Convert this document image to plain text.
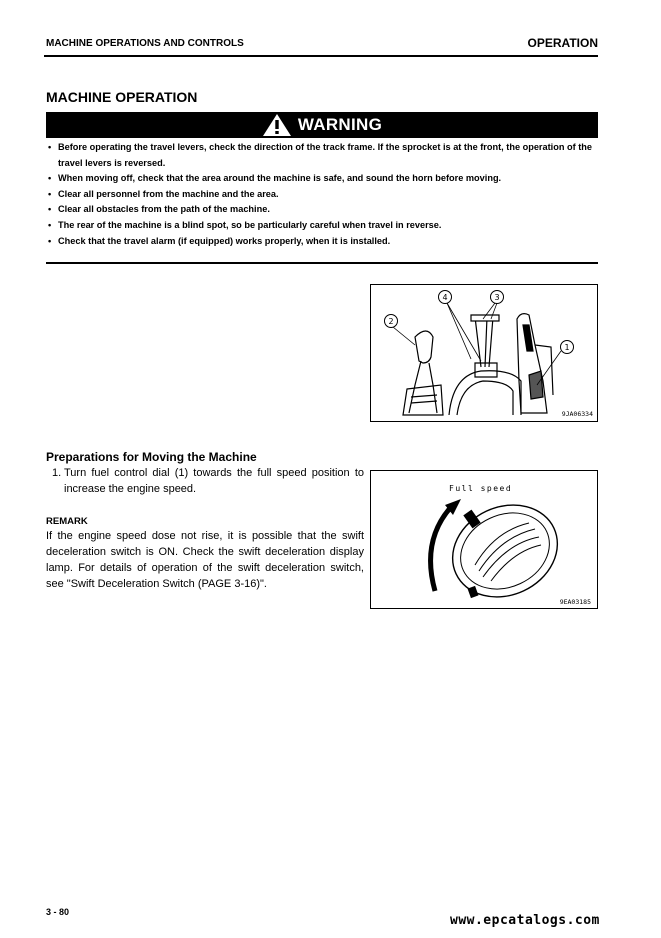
MACHINE OPERATIONS AND CONTROLS	OPERATION
MACHINE OPERATION
WARNING
• Before operating the travel levers, check the direction of the track frame. If the sprocket is at the front, the operation of the travel levers is reversed.
• When moving off, check that the area around the machine is safe, and sound the horn before moving.
• Clear all personnel from the machine and the area.
• Clear all obstacles from the path of the machine.
• The rear of the machine is a blind spot, so be particularly careful when travel in reverse.
• Check that the travel alarm (if equipped) works properly, when it is installed.
4	3
2
1
9JA06334
Preparations for Moving the Machine
1. Turn fuel control dial (1) towards the full speed position to increase the engine speed.
REMARK
If the engine speed dose not rise, it is possible that the swift deceleration switch is ON. Check the swift deceleration display lamp. For details of operation of the swift deceleration switch, see "Swift Deceleration Switch (PAGE 3-16)".
Full speed
9EA03185
3 - 80
www.epcatalogs.com
